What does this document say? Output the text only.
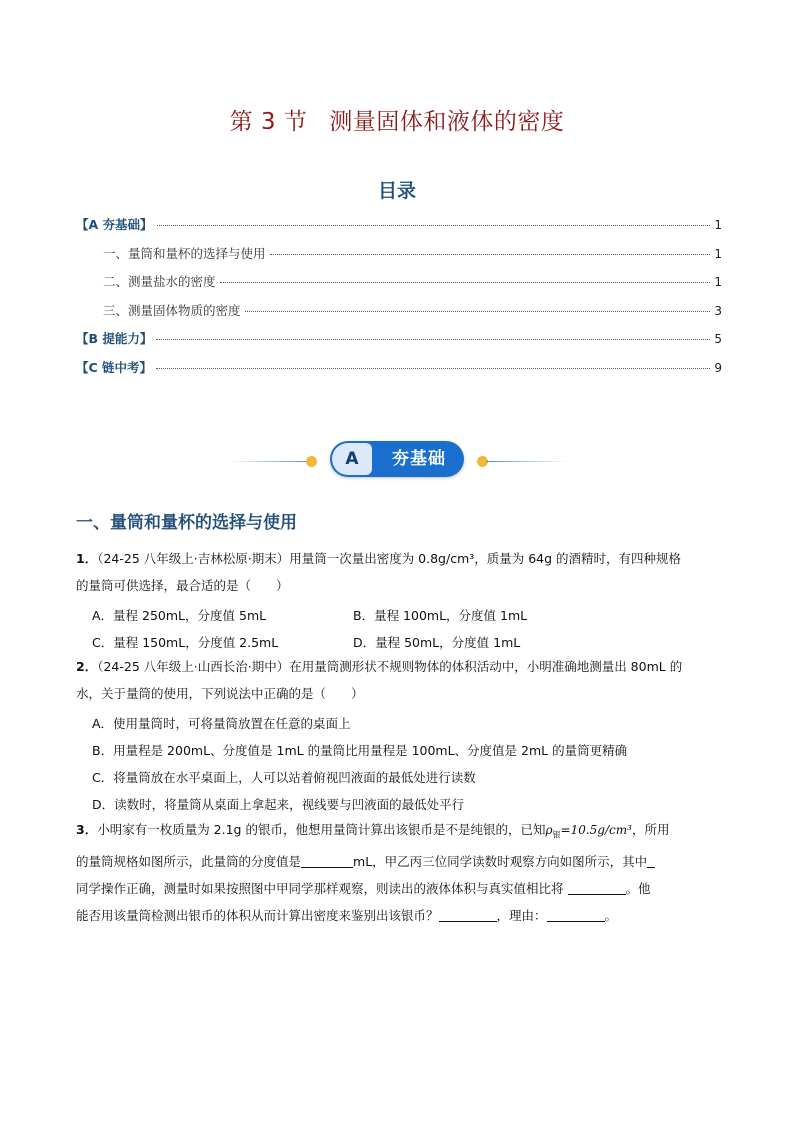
第 3 节 测量固体和液体的密度
目录
【A 夯基础】	1
一、量筒和量杯的选择与使用	1
二、测量盐水的密度	1
三、测量固体物质的密度	3
【B 提能力】	5
【C 链中考】	9
A	夯基础
一、量筒和量杯的选择与使用
1．（24-25 八年级上·吉林松原·期末）用量筒一次量出密度为 0.8g/cm³，质量为 64g 的酒精时，有四种规格
的量筒可供选择，最合适的是（　　）
A．量程 250mL，分度值 5mL	B．量程 100mL，分度值 1mL
C．量程 150mL，分度值 2.5mL	D．量程 50mL，分度值 1mL
2．（24-25 八年级上·山西长治·期中）在用量筒测形状不规则物体的体积活动中，小明准确地测量出 80mL 的
水，关于量筒的使用，下列说法中正确的是（　　）
A．使用量筒时，可将量筒放置在任意的桌面上
B．用量程是 200mL、分度值是 1mL 的量筒比用量程是 100mL、分度值是 2mL 的量筒更精确
C．将量筒放在水平桌面上，人可以站着俯视凹液面的最低处进行读数
D．读数时，将量筒从桌面上拿起来，视线要与凹液面的最低处平行
3．小明家有一枚质量为 2.1g 的银币，他想用量筒计算出该银币是不是纯银的，已知$\rho_银=10.5g$/cm³，所用
的量筒规格如图所示，此量筒的分度值是	mL，甲乙丙三位同学读数时观察方向如图所示，其中
同学操作正确，测量时如果按照图中甲同学那样观察，则读出的液体体积与真实值相比将	。他
能否用该量筒检测出银币的体积从而计算出密度来鉴别出该银币？	，理由：	。
